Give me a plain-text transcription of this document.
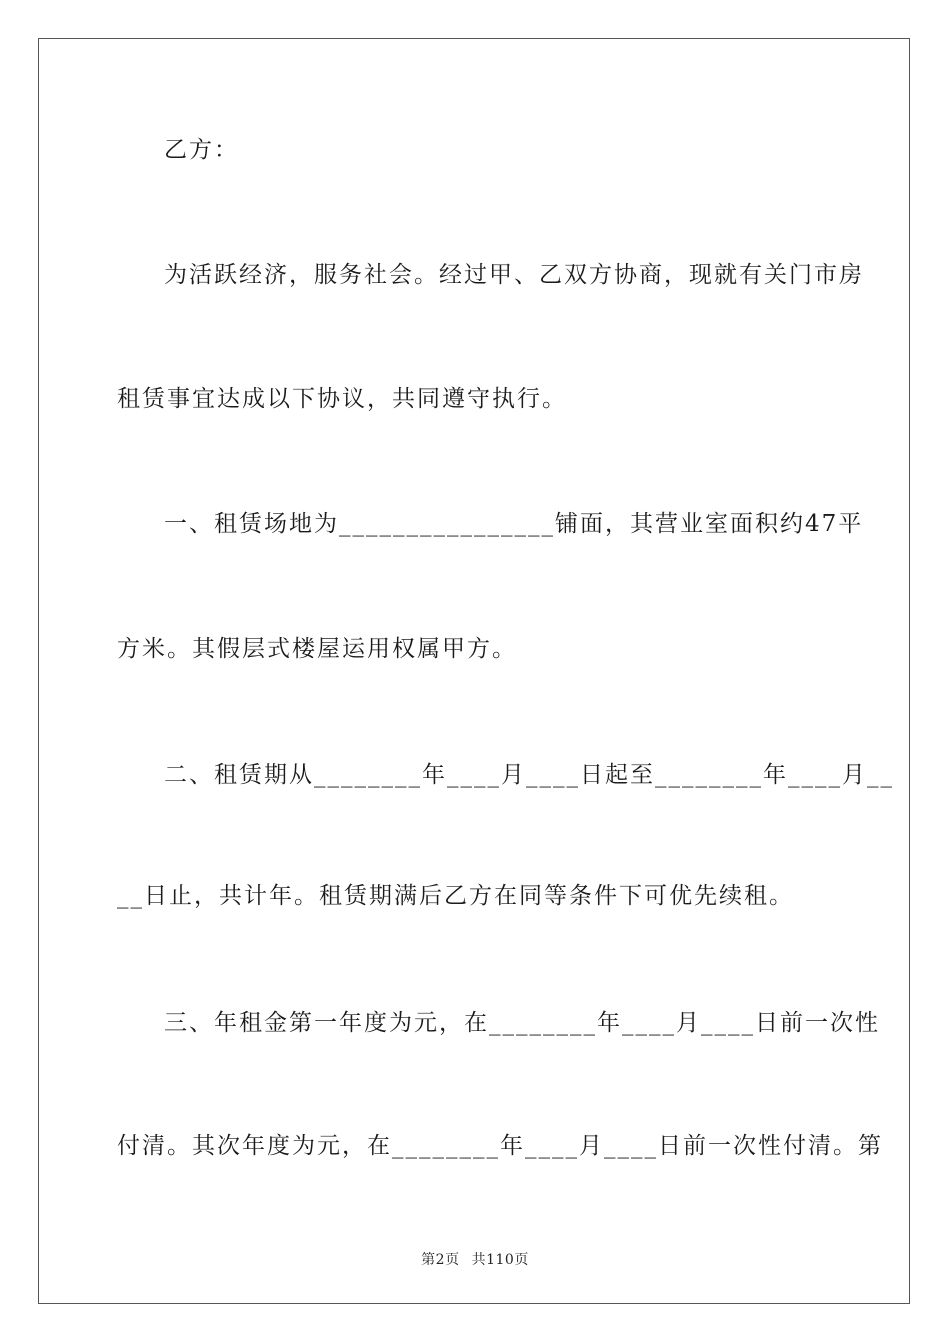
乙方：
为活跃经济，服务社会。经过甲、乙双方协商，现就有关门市房
租赁事宜达成以下协议，共同遵守执行。
一、租赁场地为________________铺面，其营业室面积约47平
方米。其假层式楼屋运用权属甲方。
二、租赁期从________年____月____日起至________年____月__
__日止，共计年。租赁期满后乙方在同等条件下可优先续租。
三、年租金第一年度为元，在________年____月____日前一次性
付清。其次年度为元，在________年____月____日前一次性付清。第
第2页 共110页
